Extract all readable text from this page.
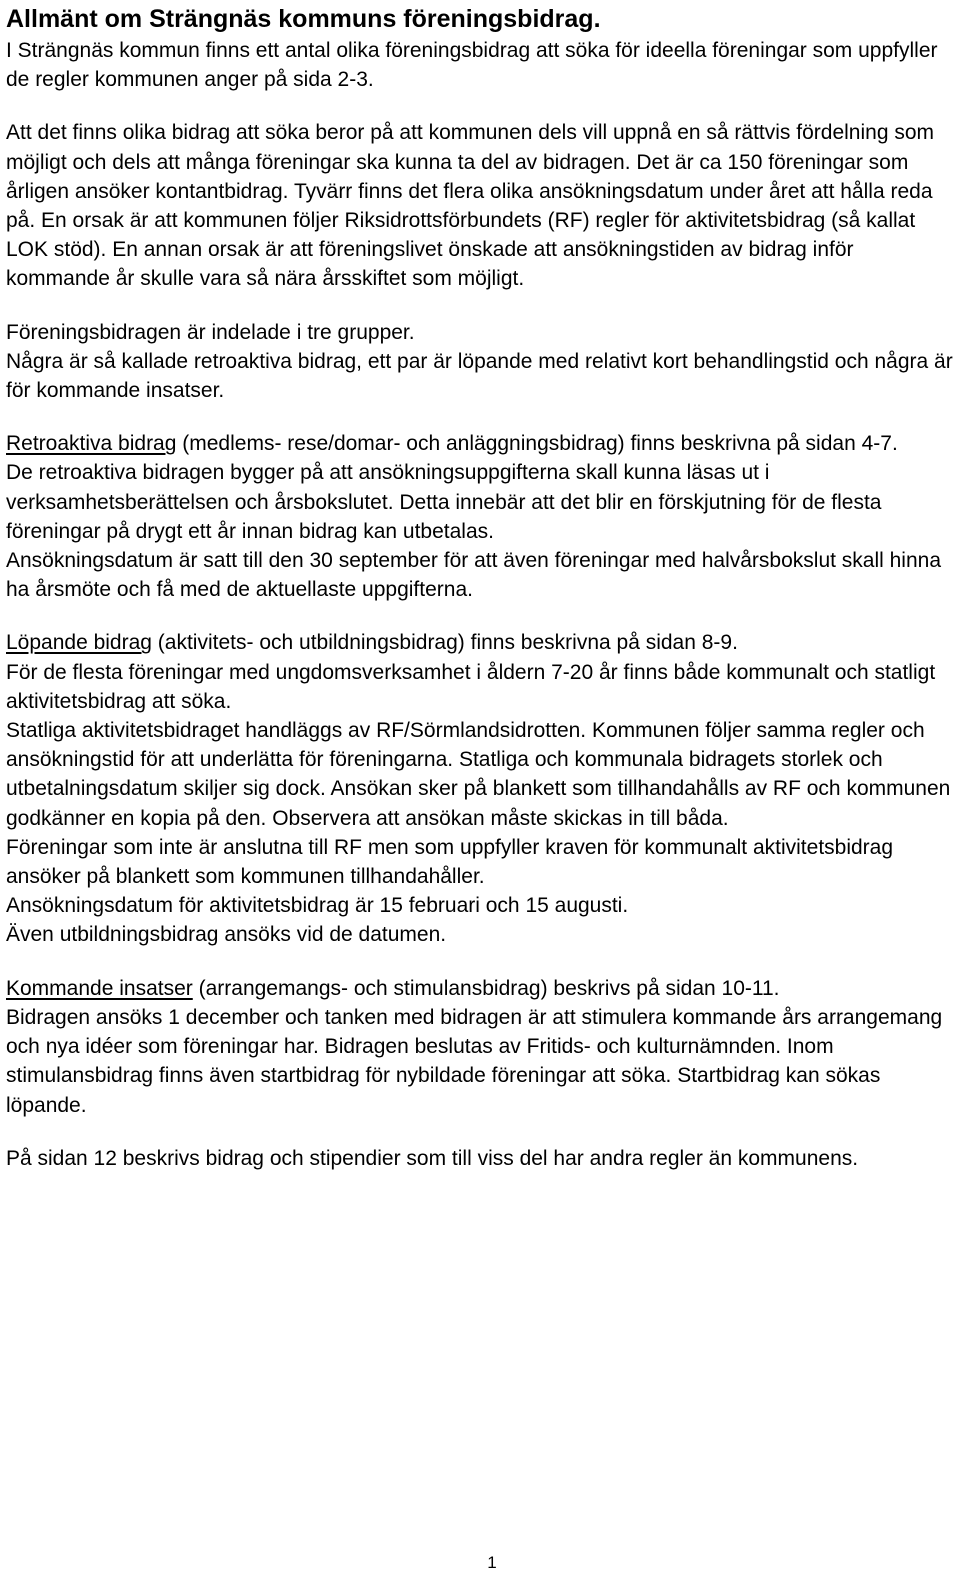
Allmänt om Strängnäs kommuns föreningsbidrag.

I Strängnäs kommun finns ett antal olika föreningsbidrag att söka för ideella föreningar som uppfyller de regler kommunen anger på sida 2-3.

Att det finns olika bidrag att söka beror på att kommunen dels vill uppnå en så rättvis fördelning som möjligt och dels att många föreningar ska kunna ta del av bidragen. Det är ca 150 föreningar som årligen ansöker kontantbidrag. Tyvärr finns det flera olika ansökningsdatum under året att hålla reda på. En orsak är att kommunen följer Riksidrottsförbundets (RF) regler för aktivitetsbidrag (så kallat LOK stöd). En annan orsak är att föreningslivet önskade att ansökningstiden av bidrag inför kommande år skulle vara så nära årsskiftet som möjligt.

Föreningsbidragen är indelade i tre grupper.

Några är så kallade retroaktiva bidrag, ett par är löpande med relativt kort behandlingstid och några är för kommande insatser.

Retroaktiva bidrag (medlems- rese/domar- och anläggningsbidrag) finns beskrivna på sidan 4-7.

De retroaktiva bidragen bygger på att ansökningsuppgifterna skall kunna läsas ut i verksamhetsberättelsen och årsbokslutet. Detta innebär att det blir en förskjutning för de flesta föreningar på drygt ett år innan bidrag kan utbetalas.

Ansökningsdatum är satt till den 30 september för att även föreningar med halvårsbokslut skall hinna ha årsmöte och få med de aktuellaste uppgifterna.

Löpande bidrag (aktivitets- och utbildningsbidrag) finns beskrivna på sidan 8-9.

För de flesta föreningar med ungdomsverksamhet i åldern 7-20 år finns både kommunalt och statligt aktivitetsbidrag att söka.

Statliga aktivitetsbidraget handläggs av RF/Sörmlandsidrotten. Kommunen följer samma regler och ansökningstid för att underlätta för föreningarna. Statliga och kommunala bidragets storlek och utbetalningsdatum skiljer sig dock. Ansökan sker på blankett som tillhandahålls av RF och kommunen godkänner en kopia på den. Observera att ansökan måste skickas in till båda.

Föreningar som inte är anslutna till RF men som uppfyller kraven för kommunalt aktivitetsbidrag ansöker på blankett som kommunen tillhandahåller.

Ansökningsdatum för aktivitetsbidrag är 15 februari och 15 augusti.

Även utbildningsbidrag ansöks vid de datumen.

Kommande insatser (arrangemangs- och stimulansbidrag) beskrivs på sidan 10-11.

Bidragen ansöks 1 december och tanken med bidragen är att stimulera kommande års arrangemang och nya idéer som föreningar har. Bidragen beslutas av Fritids- och kulturnämnden. Inom stimulansbidrag finns även startbidrag för nybildade föreningar att söka. Startbidrag kan sökas löpande.

På sidan 12 beskrivs bidrag och stipendier som till viss del har andra regler än kommunens.

1
